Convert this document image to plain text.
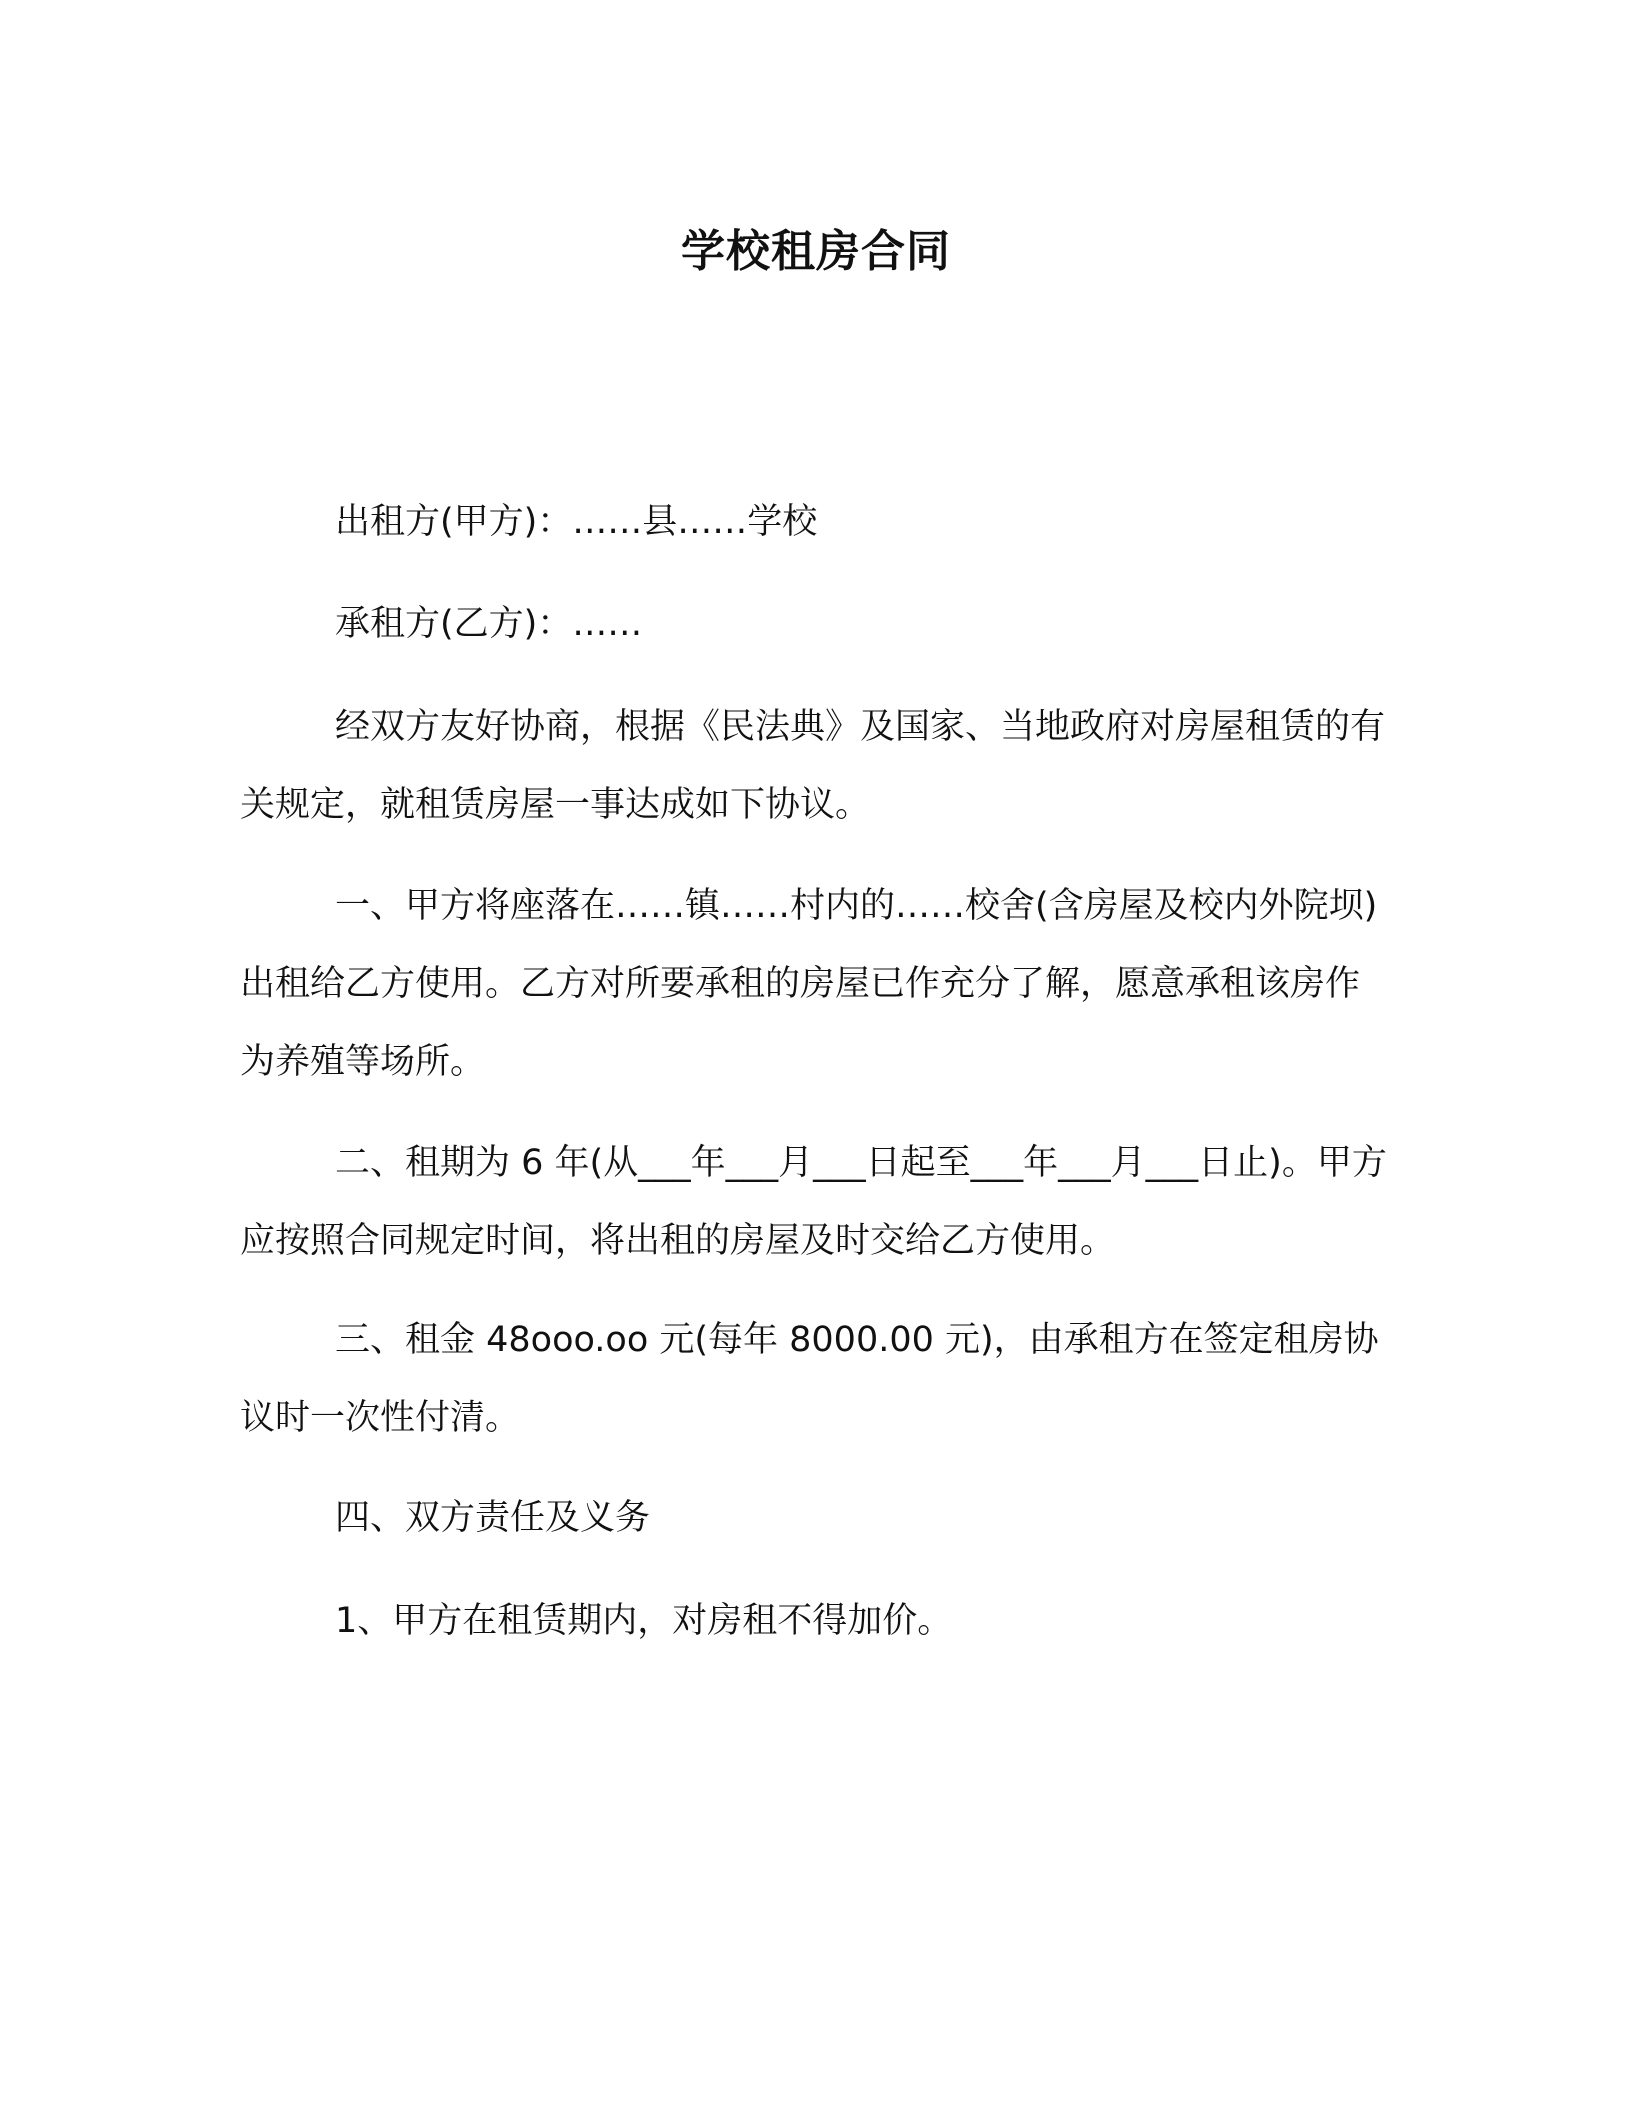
学校租房合同

出租方(甲方)：……县……学校

承租方(乙方)：……

经双方友好协商，根据《民法典》及国家、当地政府对房屋租赁的有关规定，就租赁房屋一事达成如下协议。

一、甲方将座落在……镇……村内的……校舍(含房屋及校内外院坝)出租给乙方使用。乙方对所要承租的房屋已作充分了解，愿意承租该房作为养殖等场所。

二、租期为 6 年(从___年___月___日起至___年___月___日止)。甲方应按照合同规定时间，将出租的房屋及时交给乙方使用。

三、租金 48ooo.oo 元(每年 8000.00 元)，由承租方在签定租房协议时一次性付清。

四、双方责任及义务

1、甲方在租赁期内，对房租不得加价。
